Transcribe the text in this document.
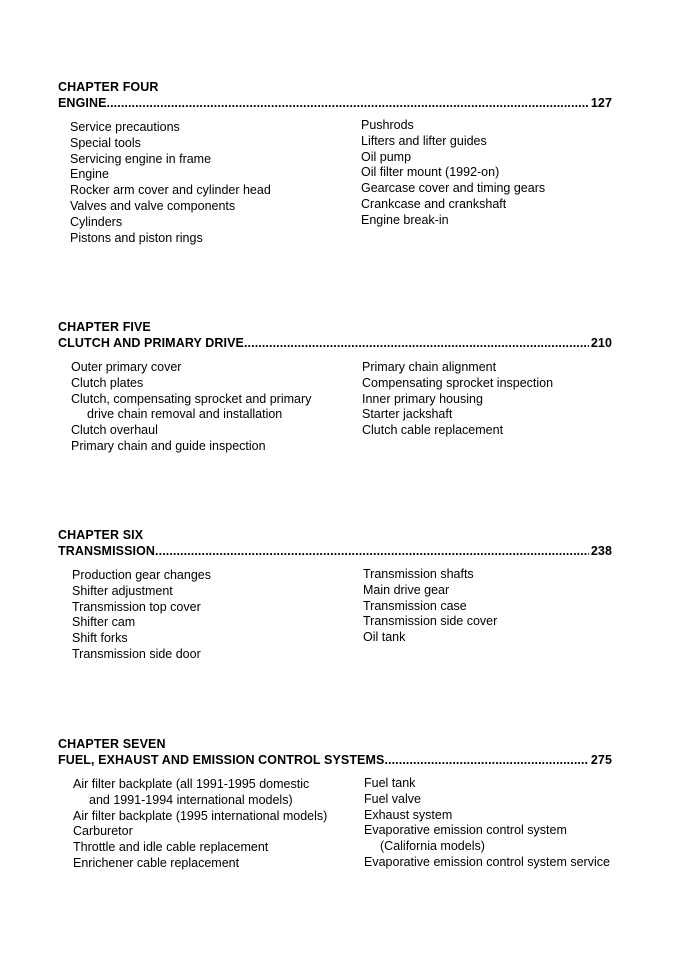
CHAPTER FOUR
ENGINE .....	127
Service precautions
Special tools
Servicing engine in frame
Engine
Rocker arm cover and cylinder head
Valves and valve components
Cylinders
Pistons and piston rings
Pushrods
Lifters and lifter guides
Oil pump
Oil filter mount (1992-on)
Gearcase cover and timing gears
Crankcase and crankshaft
Engine break-in
CHAPTER FIVE
CLUTCH AND PRIMARY DRIVE .....	210
Outer primary cover
Clutch plates
Clutch, compensating sprocket and primary
drive chain removal and installation
Clutch overhaul
Primary chain and guide inspection
Primary chain alignment
Compensating sprocket inspection
Inner primary housing
Starter jackshaft
Clutch cable replacement
CHAPTER SIX
TRANSMISSION .....	238
Production gear changes
Shifter adjustment
Transmission top cover
Shifter cam
Shift forks
Transmission side door
Transmission shafts
Main drive gear
Transmission case
Transmission side cover
Oil tank
CHAPTER SEVEN
FUEL, EXHAUST AND EMISSION CONTROL SYSTEMS .....	275
Air filter backplate (all 1991-1995 domestic
and 1991-1994 international models)
Air filter backplate (1995 international models)
Carburetor
Throttle and idle cable replacement
Enrichener cable replacement
Fuel tank
Fuel valve
Exhaust system
Evaporative emission control system
(California models)
Evaporative emission control system service
